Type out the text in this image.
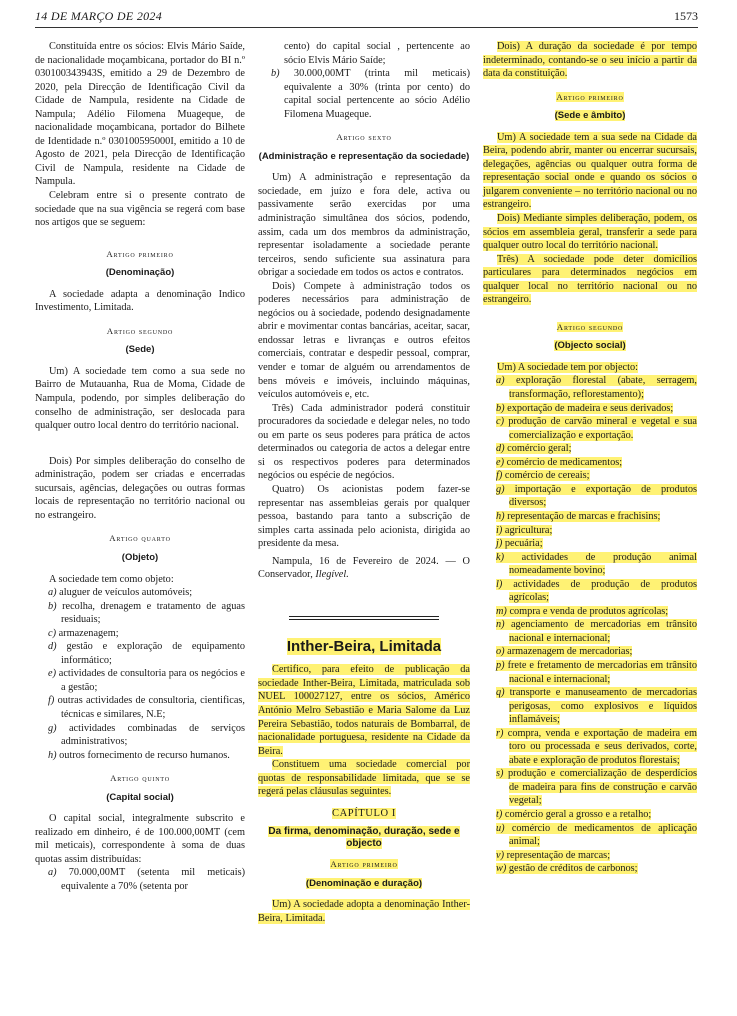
14 DE MARÇO DE 2024	1573

Constituída entre os sócios: Elvis Mário Saíde, de nacionalidade moçambicana, portador do BI n.º 030100343943S, emitido a 29 de Dezembro de 2020, pela Direcção de Identificação Civil da Cidade de Nampula, residente na Cidade de Nampula; Adélio Filomena Muageque, de nacionalidade moçambicana, portador do Bilhete de Identidade n.º 030100595000I, emitido a 10 de Agosto de 2021, pela Direcção de Identificação Civil de Nampula, residente na Cidade de Nampula.

Celebram entre si o presente contrato de sociedade que na sua vigência se regerá com base nos artigos que se seguem:

Artigo primeiro
(Denominação)

A sociedade adapta a denominação Indico Investimento, Limitada.

Artigo segundo
(Sede)

Um) A sociedade tem como a sua sede no Bairro de Mutauanha, Rua de Moma, Cidade de Nampula, podendo, por simples deliberação do conselho de administração, ser deslocada para qualquer outro local dentro do território nacional.

Dois) Por simples deliberação do conselho de administração, podem ser criadas e encerradas sucursais, agências, delegações ou outras formas locais de representação no território nacional ou no estrangeiro.

Artigo quarto
(Objeto)

A sociedade tem como objeto:

a) aluguer de veículos automóveis;

b) recolha, drenagem e tratamento de aguas residuais;

c) armazenagem;

d) gestão e exploração de equipamento informático;

e) actividades de consultoria para os negócios e a gestão;

f) outras actividades de consultoria, cientificas, técnicas e similares, N.E;

g) actividades combinadas de serviços administrativos;

h) outros fornecimento de recurso humanos.

Artigo quinto
(Capital social)

O capital social, integralmente subscrito e realizado em dinheiro, é de 100.000,00MT (cem mil meticais), correspondente à soma de duas quotas assim distribuídas:

a) 70.000,00MT (setenta mil meticais) equivalente a 70% (setenta por

cento) do capital social , pertencente ao sócio Elvis Mário Saíde;

b) 30.000,00MT (trinta mil meticais) equivalente a 30% (trinta por cento) do capital social pertencente ao sócio Adélio Filomena Muageque.

Artigo sexto
(Administração e representação da sociedade)

Um) A administração e representação da sociedade, em juízo e fora dele, activa ou passivamente serão exercidas por uma administração simultânea dos sócios, podendo, assim, cada um dos membros da administração, representar isoladamente a sociedade perante terceiros, sendo suficiente sua assinatura para obrigar a sociedade em todos os actos e contratos.

Dois) Compete à administração todos os poderes necessários para administração de negócios ou à sociedade, podendo designadamente abrir e movimentar contas bancárias, aceitar, sacar, endossar letras e livranças e outros efeitos comerciais, contratar e despedir pessoal, comprar, vender e tomar de alguém ou arrendamentos de bens móveis e imóveis, incluindo máquinas, veículos automóveis e, etc.

Três) Cada administrador poderá constituir procuradores da sociedade e delegar neles, no todo ou em parte os seus poderes para prática de actos determinados ou categoria de actos a delegar entre si os respectivos poderes para determinados negócios ou espécie de negócios.

Quatro) Os acionistas podem fazer-se representar nas assembleias gerais por qualquer pessoa, bastando para tanto a subscrição de simples carta assinada pelo acionista, dirigida ao presidente da mesa.

Nampula, 16 de Fevereiro de 2024. — O Conservador, Ilegível.

Inther-Beira, Limitada

Certifico, para efeito de publicação da sociedade Inther-Beira, Limitada, matriculada sob NUEL 100027127, entre os sócios, Américo António Melro Sebastião e Maria Salome da Luz Pereira Sebastião, todos naturais de Bombarral, de nacionalidade portuguesa, residente na Cidade da Beira.

Constituem uma sociedade comercial por quotas de responsabilidade limitada, que se se regerá pelas cláusulas seguintes.

CAPÍTULO I
Da firma, denominação, duração, sede e objecto
Artigo primeiro
(Denominação e duração)

Um) A sociedade adopta a denominação Inther-Beira, Limitada.

Dois) A duração da sociedade é por tempo indeterminado, contando-se o seu início a partir da data da constituição.

Artigo primeiro
(Sede e âmbito)

Um) A sociedade tem a sua sede na Cidade da Beira, podendo abrir, manter ou encerrar sucursais, delegações, agências ou qualquer outra forma de representação social onde e quando os sócios o julgarem conveniente – no território nacional ou no estrangeiro.

Dois) Mediante simples deliberação, podem, os sócios em assembleia geral, transferir a sede para qualquer outro local do território nacional.

Três) A sociedade pode deter domicílios particulares para determinados negócios em qualquer local no território nacional ou no estrangeiro.

Artigo segundo
(Objecto social)

Um) A sociedade tem por objecto:

a) exploração florestal (abate, serragem, transformação, reflorestamento);

b) exportação de madeira e seus derivados;

c) produção de carvão mineral e vegetal e sua comercialização e exportação.

d) comércio geral;

e) comércio de medicamentos;

f) comércio de cereais;

g) importação e exportação de produtos diversos;

h) representação de marcas e frachisins;

i) agricultura;

j) pecuária;

k) actividades de produção animal nomeadamente bovino;

l) actividades de produção de produtos agrícolas;

m) compra e venda de produtos agrícolas;

n) agenciamento de mercadorias em trânsito nacional e internacional;

o) armazenagem de mercadorias;

p) frete e fretamento de mercadorias em trânsito nacional e internacional;

q) transporte e manuseamento de mercadorias perigosas, como explosivos e líquidos inflamáveis;

r) compra, venda e exportação de madeira em toro ou processada e seus derivados, corte, abate e exploração de produtos florestais;

s) produção e comercialização de desperdícios de madeira para fins de construção e carvão vegetal;

t) comércio geral a grosso e a retalho;

u) comércio de medicamentos de aplicação animal;

v) representação de marcas;

w) gestão de créditos de carbonos;
